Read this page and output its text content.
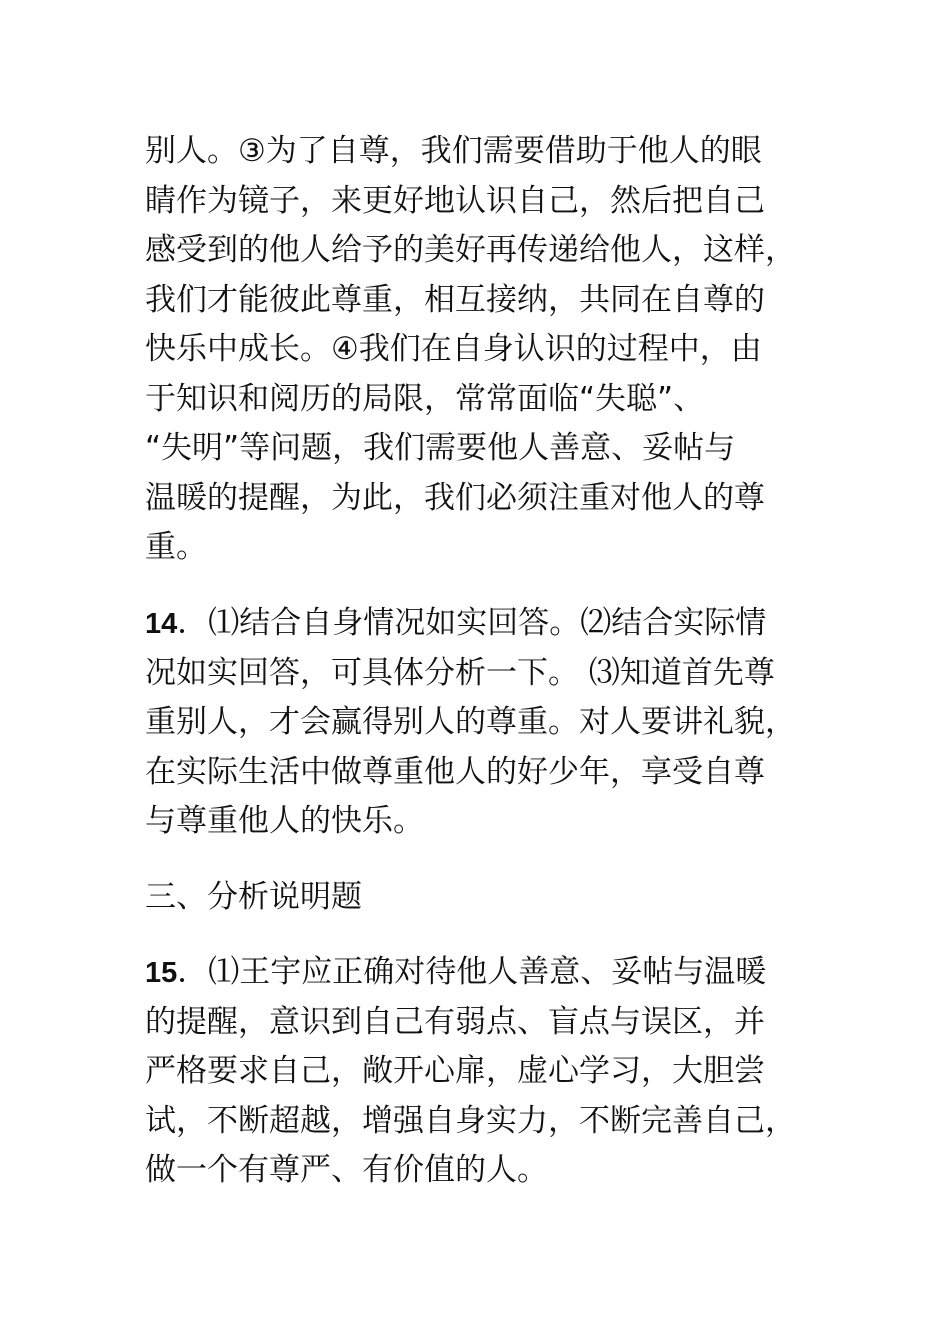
别人。③为了自尊，我们需要借助于他人的眼
睛作为镜子，来更好地认识自己，然后把自己
感受到的他人给予的美好再传递给他人，这样，
我们才能彼此尊重，相互接纳，共同在自尊的
快乐中成长。④我们在自身认识的过程中，由
于知识和阅历的局限，常常面临“失聪”、
“失明”等问题，我们需要他人善意、妥帖与
温暖的提醒，为此，我们必须注重对他人的尊
重。
14．⑴结合自身情况如实回答。⑵结合实际情
况如实回答，可具体分析一下。 ⑶知道首先尊
重别人，才会赢得别人的尊重。对人要讲礼貌，
在实际生活中做尊重他人的好少年，享受自尊
与尊重他人的快乐。
三、分析说明题
15．⑴王宇应正确对待他人善意、妥帖与温暖
的提醒，意识到自己有弱点、盲点与误区，并
严格要求自己，敞开心扉，虚心学习，大胆尝
试，不断超越，增强自身实力，不断完善自己，
做一个有尊严、有价值的人。
